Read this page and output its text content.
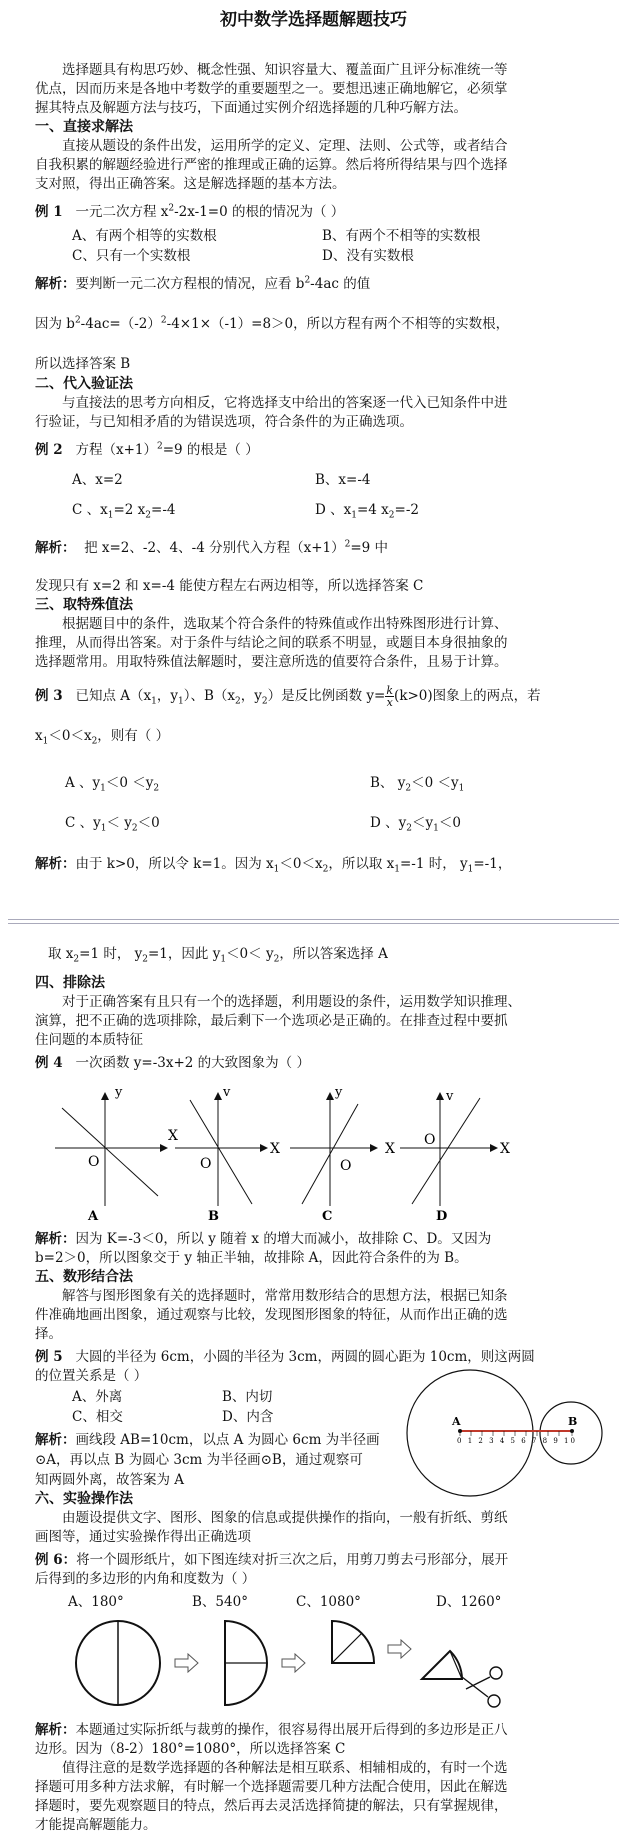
初中数学选择题解题技巧
选择题具有构思巧妙、概念性强、知识容量大、覆盖面广且评分标准统一等
优点，因而历来是各地中考数学的重要题型之一。要想迅速正确地解它，必须掌
握其特点及解题方法与技巧，下面通过实例介绍选择题的几种巧解方法。
一、直接求解法
直接从题设的条件出发，运用所学的定义、定理、法则、公式等，或者结合
自我积累的解题经验进行严密的推理或正确的运算。然后将所得结果与四个选择
支对照，得出正确答案。这是解选择题的基本方法。
例 1 一元二次方程 $x^2-2x-1=0$ 的根的情况为（ ）
A、有两个相等的实数根	B、有两个不相等的实数根
C、只有一个实数根	D、没有实数根
解析：要判断一元二次方程根的情况，应看 $b^2-4ac$ 的值
因为 $b^2-4ac=(-2)^2-4\times 1\times(-1)=8>0$，所以方程有两个不相等的实数根，
所以选择答案 B
二、代入验证法
与直接法的思考方向相反，它将选择支中给出的答案逐一代入已知条件中进
行验证，与已知相矛盾的为错误选项，符合条件的为正确选项。
例 2 方程$(x+1)^2=9$ 的根是（ ）
A、x=2	B、x=-4
C 、$x_1=2$ $x_2=-4$	D 、$x_1=4$ $x_2=-2$
解析： 把 x=2、-2、4、-4 分别代入方程$(x+1)^2=9$ 中
发现只有 x=2 和 x=-4 能使方程左右两边相等，所以选择答案 C
三、取特殊值法
根据题目中的条件，选取某个符合条件的特殊值或作出特殊图形进行计算、
推理，从而得出答案。对于条件与结论之间的联系不明显，或题目本身很抽象的
选择题常用。用取特殊值法解题时，要注意所选的值要符合条件，且易于计算。
例 3 已知点 $A(x_1$，$y_1$）、$B(x_2$，$y_2$）是反比例函数 $y= \frac{k}{x} (k>0)$图象上的两点，若
$x_1<0<x_2$，则有（ ）
A 、$y_1<0 <y_2$	B、 $y_2<0 <y_1$
C 、$y_1< y_2<0$	D 、$y_2<y_1<0$
解析：由于 k>0，所以令 k=1。因为 $x_1<0<x_2$，所以取 $x_1=-1$ 时， $y_1=-1$，
取 $x_2=1$ 时， $y_2=1$，因此 $y_1<0< y_2$，所以答案选择 A
四、排除法
对于正确答案有且只有一个的选择题，利用题设的条件，运用数学知识推理、
演算，把不正确的选项排除，最后剩下一个选项必是正确的。在排查过程中要抓
住问题的本质特征
例 4 一次函数 y=-3x+2 的大致图象为（ ）
y
O
X
A
v
O
X
B
y
O
X
C
v
O
X
D
解析：因为 K=-3＜0，所以 y 随着 x 的增大而减小，故排除 C、D。又因为
b=2＞0，所以图象交于 y 轴正半轴，故排除 A，因此符合条件的为 B。
五、数形结合法
解答与图形图象有关的选择题时，常常用数形结合的思想方法，根据已知条
件准确地画出图象，通过观察与比较，发现图形图象的特征，从而作出正确的选
择。
例 5 大圆的半径为 6cm，小圆的半径为 3cm，两圆的圆心距为 10cm，则这两圆
的位置关系是（ ）
A、外离	B、内切
C、相交	D、内含
解析：画线段 AB=10cm，以点 A 为圆心 6cm 为半径画
⊙A，再以点 B 为圆心 3cm 为半径画⊙B，通过观察可
知两圆外离，故答案为 A
0 1 2 3 4 5 6 7 8 9 10
A	B
六、实验操作法
由题设提供文字、图形、图象的信息或提供操作的指向，一般有折纸、剪纸
画图等，通过实验操作得出正确选项
例 6：将一个圆形纸片，如下图连续对折三次之后，用剪刀剪去弓形部分，展开
后得到的多边形的内角和度数为（ ）
A、180°	B、540°	C、1080°	D、1260°
解析：本题通过实际折纸与裁剪的操作，很容易得出展开后得到的多边形是正八
边形。因为（8-2）180°=1080°，所以选择答案 C
值得注意的是数学选择题的各种解法是相互联系、相辅相成的，有时一个选
择题可用多种方法求解，有时解一个选择题需要几种方法配合使用，因此在解选
择题时，要先观察题目的特点，然后再去灵活选择简捷的解法，只有掌握规律，
才能提高解题能力。
